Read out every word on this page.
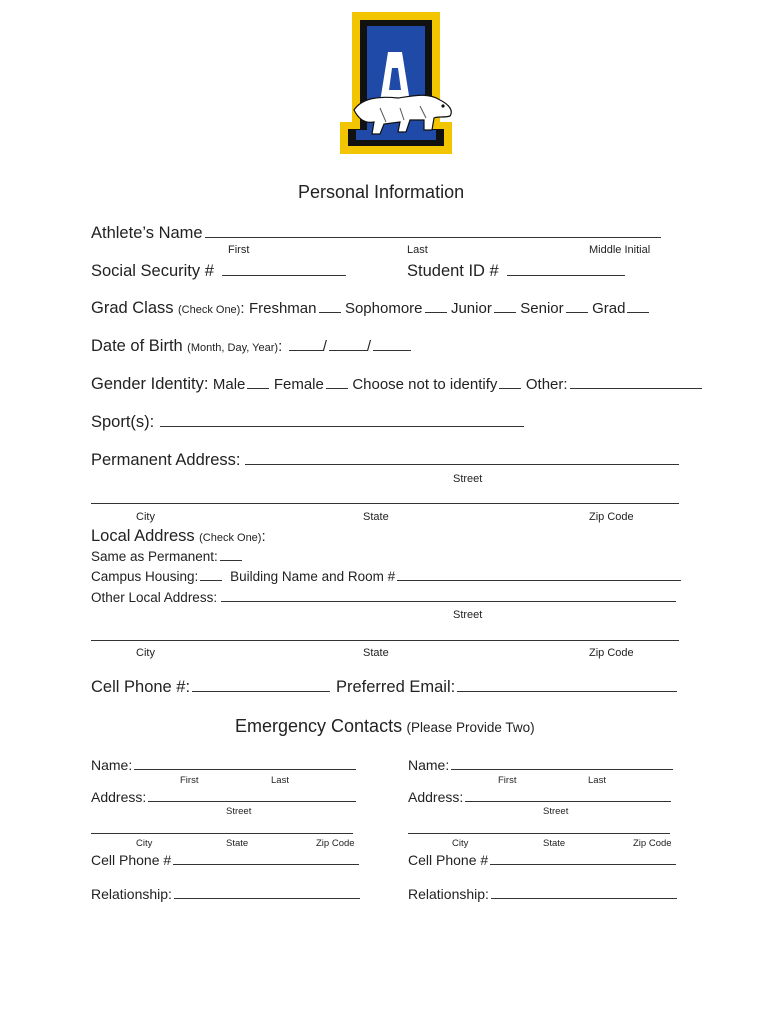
Personal Information
Athlete’s Name
First	Last	Middle Initial
Social Security #	Student ID #
Grad Class (Check One): Freshman Sophomore Junior Senior Grad
Date of Birth (Month, Day, Year):	/	/
Gender Identity: Male Female Choose not to identify Other:
Sport(s):
Permanent Address:
Street
City	State	Zip Code
Local Address (Check One):
Same as Permanent:
Campus Housing: Building Name and Room #
Other Local Address:
Street
City	State	Zip Code
Cell Phone #:	Preferred Email:
Emergency Contacts (Please Provide Two)
Name:
First	Last
Address:
Street
City	State	Zip Code
Cell Phone #
Relationship:
Name:
First	Last
Address:
Street
City	State	Zip Code
Cell Phone #
Relationship:
